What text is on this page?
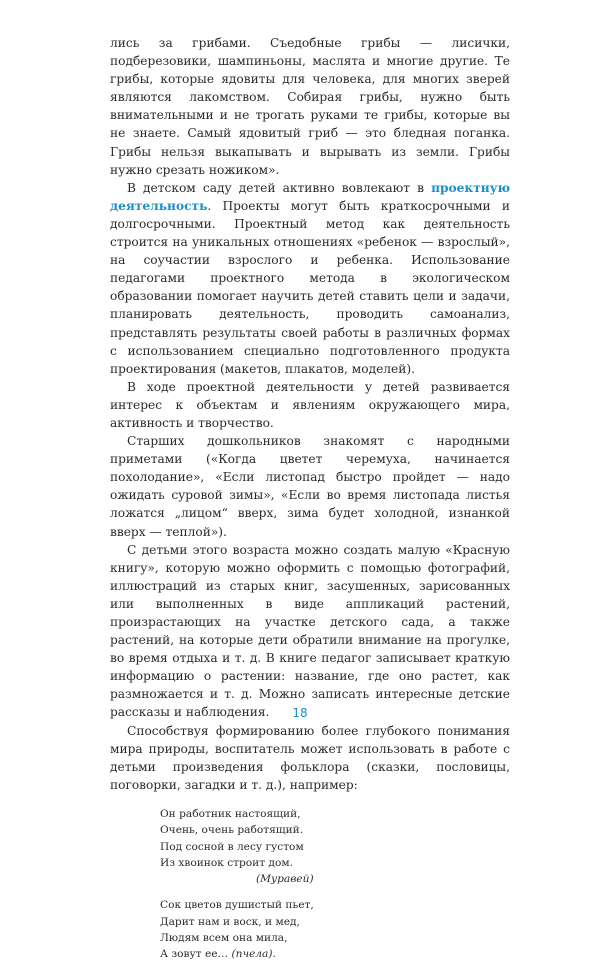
лись за грибами. Съедобные грибы — лисички, подберезовики, шампиньоны, маслята и многие другие. Те грибы, которые ядовиты для человека, для многих зверей являются лакомством. Собирая грибы, нужно быть внимательными и не трогать руками те грибы, которые вы не знаете. Самый ядовитый гриб — это бледная поганка. Грибы нельзя выкапывать и вырывать из земли. Грибы нужно срезать ножиком».

В детском саду детей активно вовлекают в проектную деятельность. Проекты могут быть краткосрочными и долгосрочными. Проектный метод как деятельность строится на уникальных отношениях «ребенок — взрослый», на соучастии взрослого и ребенка. Использование педагогами проектного метода в экологическом образовании помогает научить детей ставить цели и задачи, планировать деятельность, проводить самоанализ, представлять результаты своей работы в различных формах с использованием специально подготовленного продукта проектирования (макетов, плакатов, моделей).

В ходе проектной деятельности у детей развивается интерес к объектам и явлениям окружающего мира, активность и творчество.

Старших дошкольников знакомят с народными приметами («Когда цветет черемуха, начинается похолодание», «Если листопад быстро пройдет — надо ожидать суровой зимы», «Если во время листопада листья ложатся „лицом“ вверх, зима будет холодной, изнанкой вверх — теплой»).

С детьми этого возраста можно создать малую «Красную книгу», которую можно оформить с помощью фотографий, иллюстраций из старых книг, засушенных, зарисованных или выполненных в виде аппликаций растений, произрастающих на участке детского сада, а также растений, на которые дети обратили внимание на прогулке, во время отдыха и т. д. В книге педагог записывает краткую информацию о растении: название, где оно растет, как размножается и т. д. Можно записать интересные детские рассказы и наблюдения.

Способствуя формированию более глубокого понимания мира природы, воспитатель может использовать в работе с детьми произведения фольклора (сказки, пословицы, поговорки, загадки и т. д.), например:

Он работник настоящий,
Очень, очень работящий.
Под сосной в лесу густом
Из хвоинок строит дом.
(Муравей)
Сок цветов душистый пьет,
Дарит нам и воск, и мед,
Людям всем она мила,
А зовут ее… (пчела).
18
